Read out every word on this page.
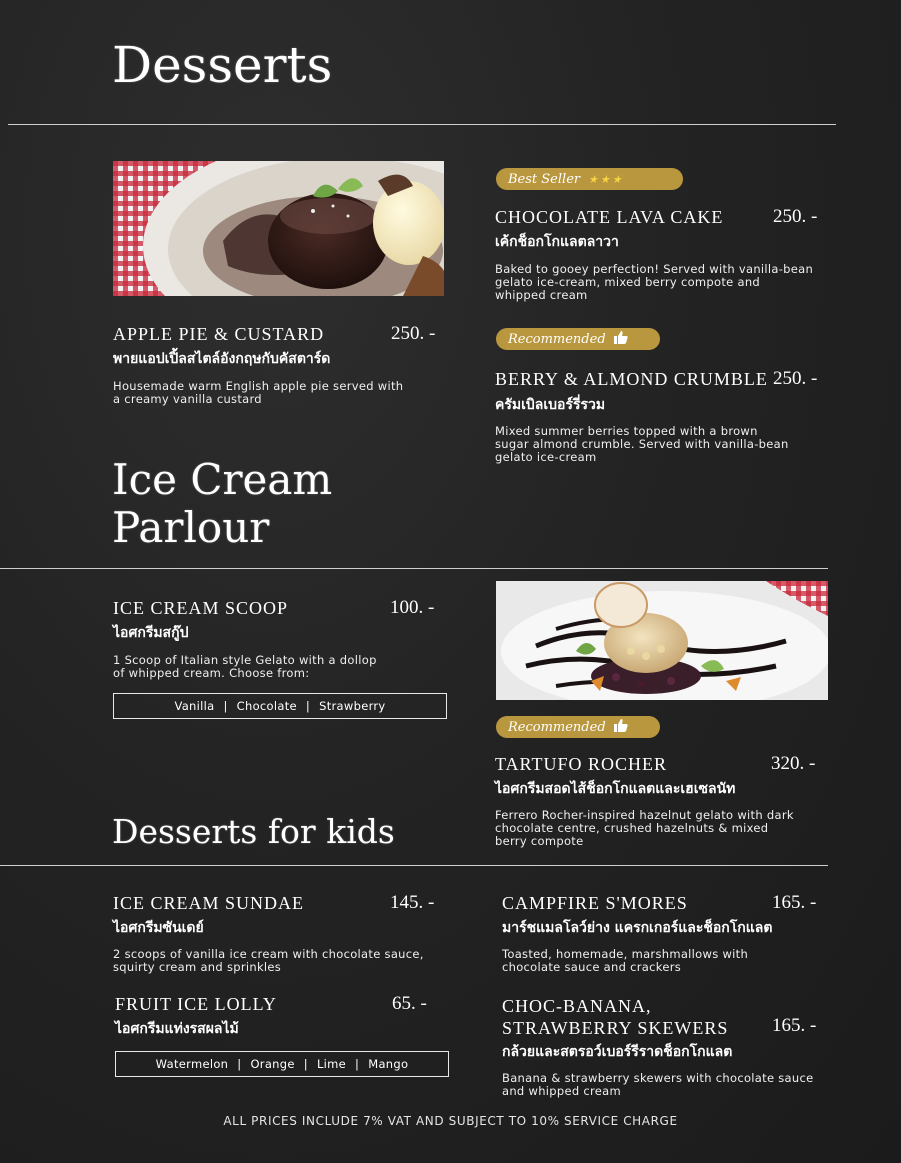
Desserts
APPLE PIE & CUSTARD	250. -
พายแอปเปิ้ลสไตล์อังกฤษกับคัสตาร์ด
Housemade warm English apple pie served with
a creamy vanilla custard
Best Seller ★★★
CHOCOLATE LAVA CAKE	250. -
เค้กช็อกโกแลตลาวา
Baked to gooey perfection! Served with vanilla-bean
gelato ice-cream, mixed berry compote and
whipped cream
Recommended
BERRY & ALMOND CRUMBLE 250. -
ครัมเบิลเบอร์รี่รวม
Mixed summer berries topped with a brown
sugar almond crumble. Served with vanilla-bean
gelato ice-cream
Ice Cream
Parlour
ICE CREAM SCOOP	100. -
ไอศกรีมสกู๊ป
1 Scoop of Italian style Gelato with a dollop
of whipped cream. Choose from:
Vanilla | Chocolate | Strawberry
Recommended
TARTUFO ROCHER	320. -
ไอศกรีมสอดไส้ช็อกโกแลตและเฮเซลนัท
Ferrero Rocher-inspired hazelnut gelato with dark
chocolate centre, crushed hazelnuts & mixed
berry compote
Desserts for kids
ICE CREAM SUNDAE	145. -
ไอศกรีมซันเดย์
2 scoops of vanilla ice cream with chocolate sauce,
squirty cream and sprinkles
FRUIT ICE LOLLY	65. -
ไอศกรีมแท่งรสผลไม้
Watermelon | Orange | Lime | Mango
CAMPFIRE S'MORES	165. -
มาร์ชแมลโลว์ย่าง แครกเกอร์และช็อกโกแลต
Toasted, homemade, marshmallows with
chocolate sauce and crackers
CHOC-BANANA,
STRAWBERRY SKEWERS 165. -
กล้วยและสตรอว์เบอร์รีราดช็อกโกแลต
Banana & strawberry skewers with chocolate sauce
and whipped cream
ALL PRICES INCLUDE 7% VAT AND SUBJECT TO 10% SERVICE CHARGE
